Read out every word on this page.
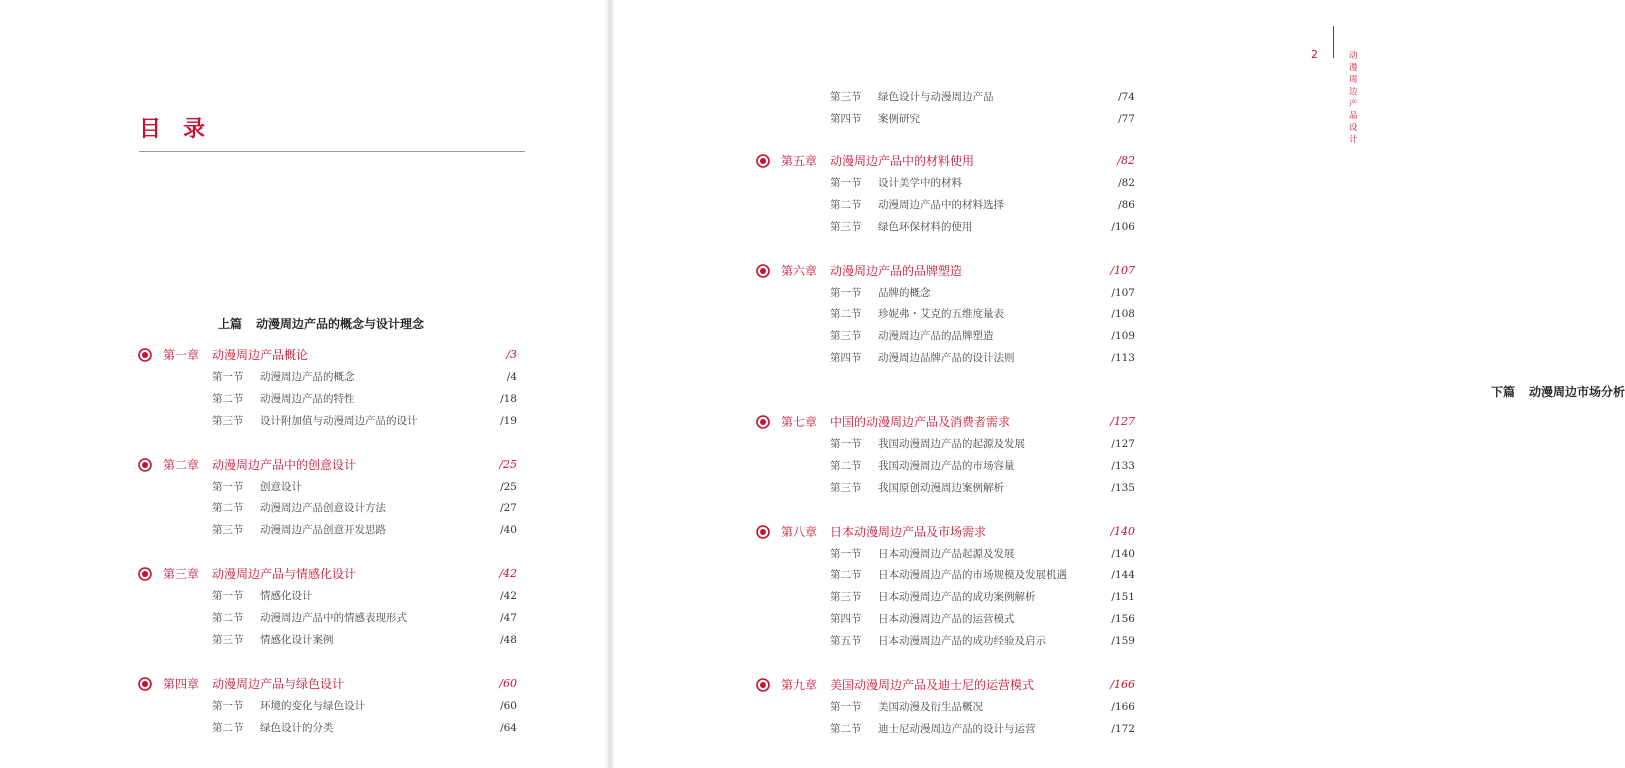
目录
上篇 动漫周边产品的概念与设计理念
第一章 动漫周边产品概论	/3
第一节 动漫周边产品的概念	/4
第二节 动漫周边产品的特性	/18
第三节 设计附加值与动漫周边产品的设计	/19
第二章 动漫周边产品中的创意设计	/25
第一节 创意设计	/25
第二节 动漫周边产品创意设计方法	/27
第三节 动漫周边产品创意开发思路	/40
第三章 动漫周边产品与情感化设计	/42
第一节 情感化设计	/42
第二节 动漫周边产品中的情感表现形式	/47
第三节 情感化设计案例	/48
第四章 动漫周边产品与绿色设计	/60
第一节 环境的变化与绿色设计	/60
第二节 绿色设计的分类	/64
2	动漫周边产品设计
第三节 绿色设计与动漫周边产品	/74
第四节 案例研究	/77
第五章 动漫周边产品中的材料使用	/82
第一节 设计美学中的材料	/82
第二节 动漫周边产品中的材料选择	/86
第三节 绿色环保材料的使用	/106
第六章 动漫周边产品的品牌塑造	/107
第一节 品牌的概念	/107
第二节 珍妮弗・艾克的五维度量表	/108
第三节 动漫周边产品的品牌塑造	/109
第四节 动漫周边品牌产品的设计法则	/113
下篇 动漫周边市场分析
第七章 中国的动漫周边产品及消费者需求	/127
第一节 我国动漫周边产品的起源及发展	/127
第二节 我国动漫周边产品的市场容量	/133
第三节 我国原创动漫周边案例解析	/135
第八章 日本动漫周边产品及市场需求	/140
第一节 日本动漫周边产品起源及发展	/140
第二节 日本动漫周边产品的市场规模及发展机遇	/144
第三节 日本动漫周边产品的成功案例解析	/151
第四节 日本动漫周边产品的运营模式	/156
第五节 日本动漫周边产品的成功经验及启示	/159
第九章 美国动漫周边产品及迪士尼的运营模式	/166
第一节 美国动漫及衍生品概况	/166
第二节 迪士尼动漫周边产品的设计与运营	/172
